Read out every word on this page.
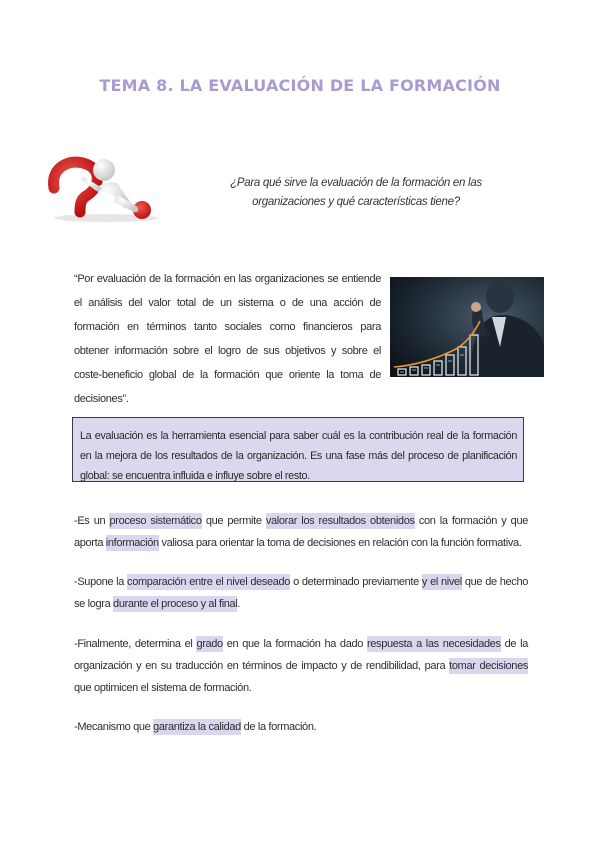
TEMA 8. LA EVALUACIÓN DE LA FORMACIÓN
¿Para qué sirve la evaluación de la formación en las organizaciones y qué características tiene?
“Por evaluación de la formación en las organizaciones se entiende el análisis del valor total de un sistema o de una acción de formación en términos tanto sociales como financieros para obtener información sobre el logro de sus objetivos y sobre el coste-beneficio global de la formación que oriente la toma de decisiones”.
La evaluación es la herramienta esencial para saber cuál es la contribución real de la formación en la mejora de los resultados de la organización. Es una fase más del proceso de planificación global: se encuentra influida e influye sobre el resto.
-Es un proceso sistemático que permite valorar los resultados obtenidos con la formación y que aporta información valiosa para orientar la toma de decisiones en relación con la función formativa.
-Supone la comparación entre el nivel deseado o determinado previamente y el nivel que de hecho se logra durante el proceso y al final.
-Finalmente, determina el grado en que la formación ha dado respuesta a las necesidades de la organización y en su traducción en términos de impacto y de rendibilidad, para tomar decisiones que optimicen el sistema de formación.
-Mecanismo que garantiza la calidad de la formación.
